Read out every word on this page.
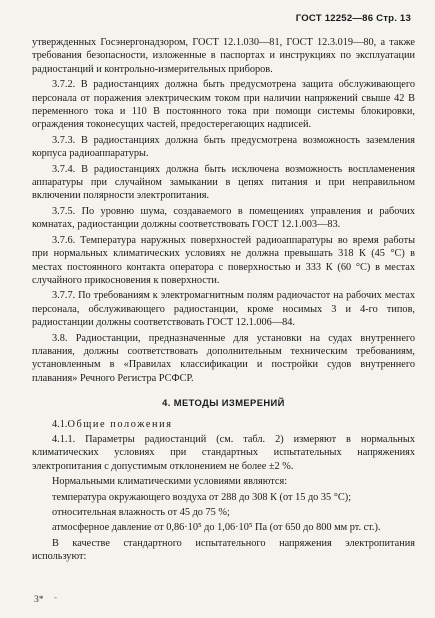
ГОСТ 12252—86 Стр. 13

утвержденных Госэнергонадзором, ГОСТ 12.1.030—81, ГОСТ 12.3.019—80, а также требования безопасности, изложенные в паспортах и инструкциях по эксплуатации радиостанций и контрольно-измерительных приборов.

3.7.2. В радиостанциях должна быть предусмотрена защита обслуживающего персонала от поражения электрическим током при наличии напряжений свыше 42 В переменного тока и 110 В постоянного тока при помощи системы блокировки, ограждения токонесущих частей, предостерегающих надписей.

3.7.3. В радиостанциях должна быть предусмотрена возможность заземления корпуса радиоаппаратуры.

3.7.4. В радиостанциях должна быть исключена возможность воспламенения аппаратуры при случайном замыкании в цепях питания и при неправильном включении полярности электропитания.

3.7.5. По уровню шума, создаваемого в помещениях управления и рабочих комнатах, радиостанции должны соответствовать ГОСТ 12.1.003—83.

3.7.6. Температура наружных поверхностей радиоаппаратуры во время работы при нормальных климатических условиях не должна превышать 318 К (45 °С) в местах постоянного контакта оператора с поверхностью и 333 К (60 °С) в местах случайного прикосновения к поверхности.

3.7.7. По требованиям к электромагнитным полям радиочастот на рабочих местах персонала, обслуживающего радиостанции, кроме носимых 3 и 4-го типов, радиостанции должны соответствовать ГОСТ 12.1.006—84.

3.8. Радиостанции, предназначенные для установки на судах внутреннего плавания, должны соответствовать дополнительным техническим требованиям, установленным в «Правилах классификации и постройки судов внутреннего плавания» Речного Регистра РСФСР.

4. МЕТОДЫ ИЗМЕРЕНИЙ

4.1.Общие положения

4.1.1. Параметры радиостанций (см. табл. 2) измеряют в нормальных климатических условиях при стандартных испытательных напряжениях электропитания с допустимым отклонением не более ±2 %.

Нормальными климатическими условиями являются:

температура окружающего воздуха от 288 до 308 К (от 15 до 35 °С);

относительная влажность от 45 до 75 %;

атмосферное давление от 0,86·10⁵ до 1,06·10⁵ Па (от 650 до 800 мм рт. ст.).

В качестве стандартного испытательного напряжения электропитания используют:

3* -
